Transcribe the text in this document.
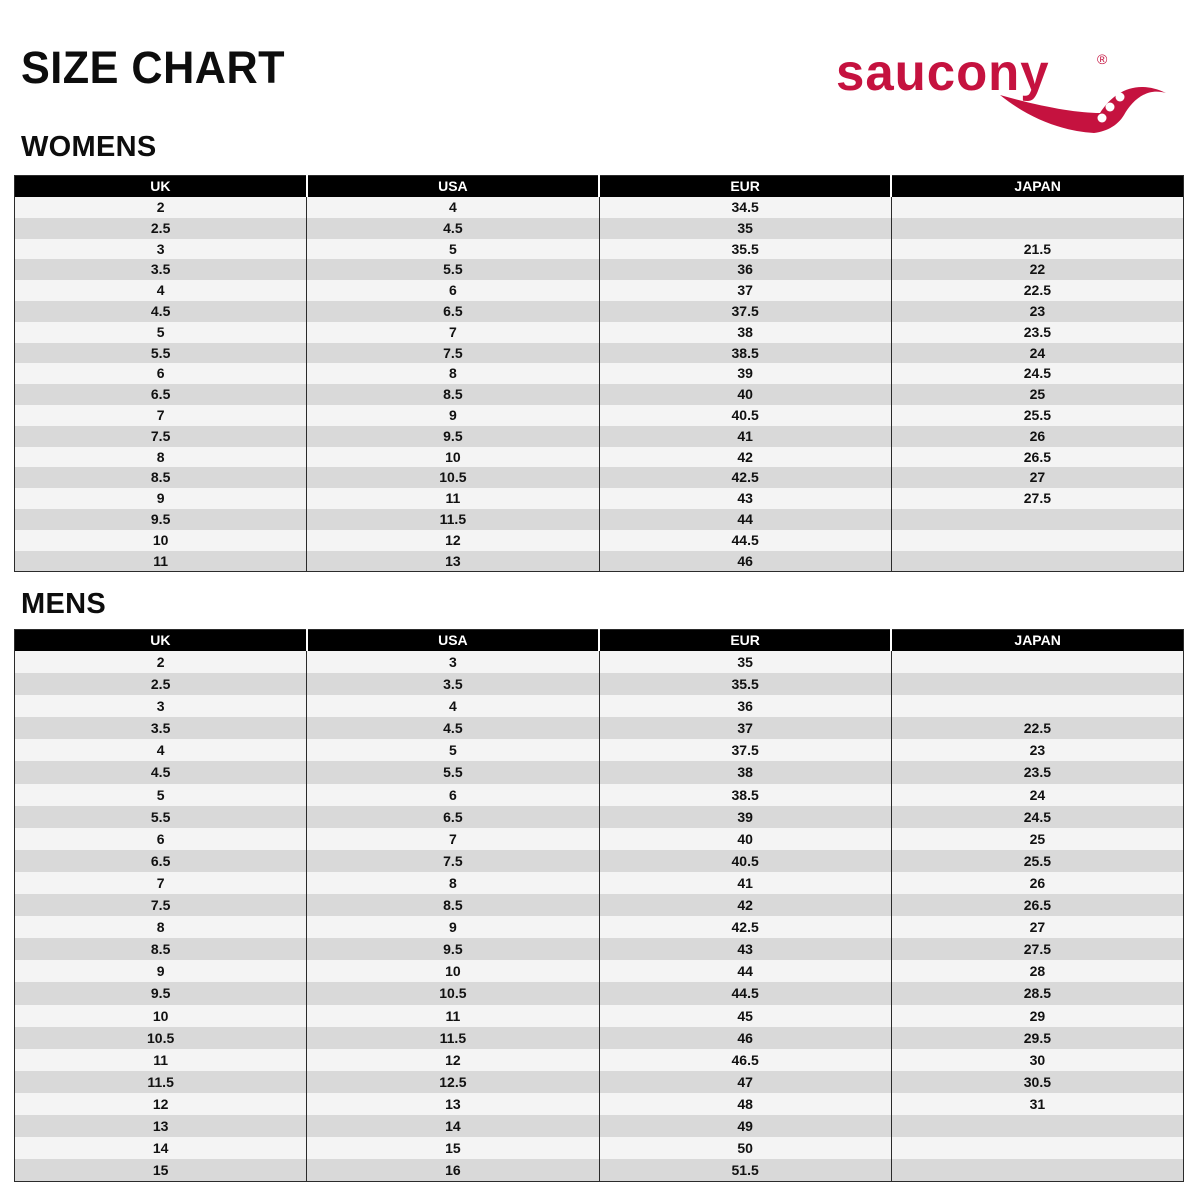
SIZE CHART	saucony	®
WOMENS
UK	USA	EUR	JAPAN
2	4	34.5	
2.5	4.5	35	
3	5	35.5	21.5
3.5	5.5	36	22
4	6	37	22.5
4.5	6.5	37.5	23
5	7	38	23.5
5.5	7.5	38.5	24
6	8	39	24.5
6.5	8.5	40	25
7	9	40.5	25.5
7.5	9.5	41	26
8	10	42	26.5
8.5	10.5	42.5	27
9	11	43	27.5
9.5	11.5	44	
10	12	44.5	
11	13	46	
MENS
UK	USA	EUR	JAPAN
2	3	35	
2.5	3.5	35.5	
3	4	36	
3.5	4.5	37	22.5
4	5	37.5	23
4.5	5.5	38	23.5
5	6	38.5	24
5.5	6.5	39	24.5
6	7	40	25
6.5	7.5	40.5	25.5
7	8	41	26
7.5	8.5	42	26.5
8	9	42.5	27
8.5	9.5	43	27.5
9	10	44	28
9.5	10.5	44.5	28.5
10	11	45	29
10.5	11.5	46	29.5
11	12	46.5	30
11.5	12.5	47	30.5
12	13	48	31
13	14	49	
14	15	50	
15	16	51.5	
